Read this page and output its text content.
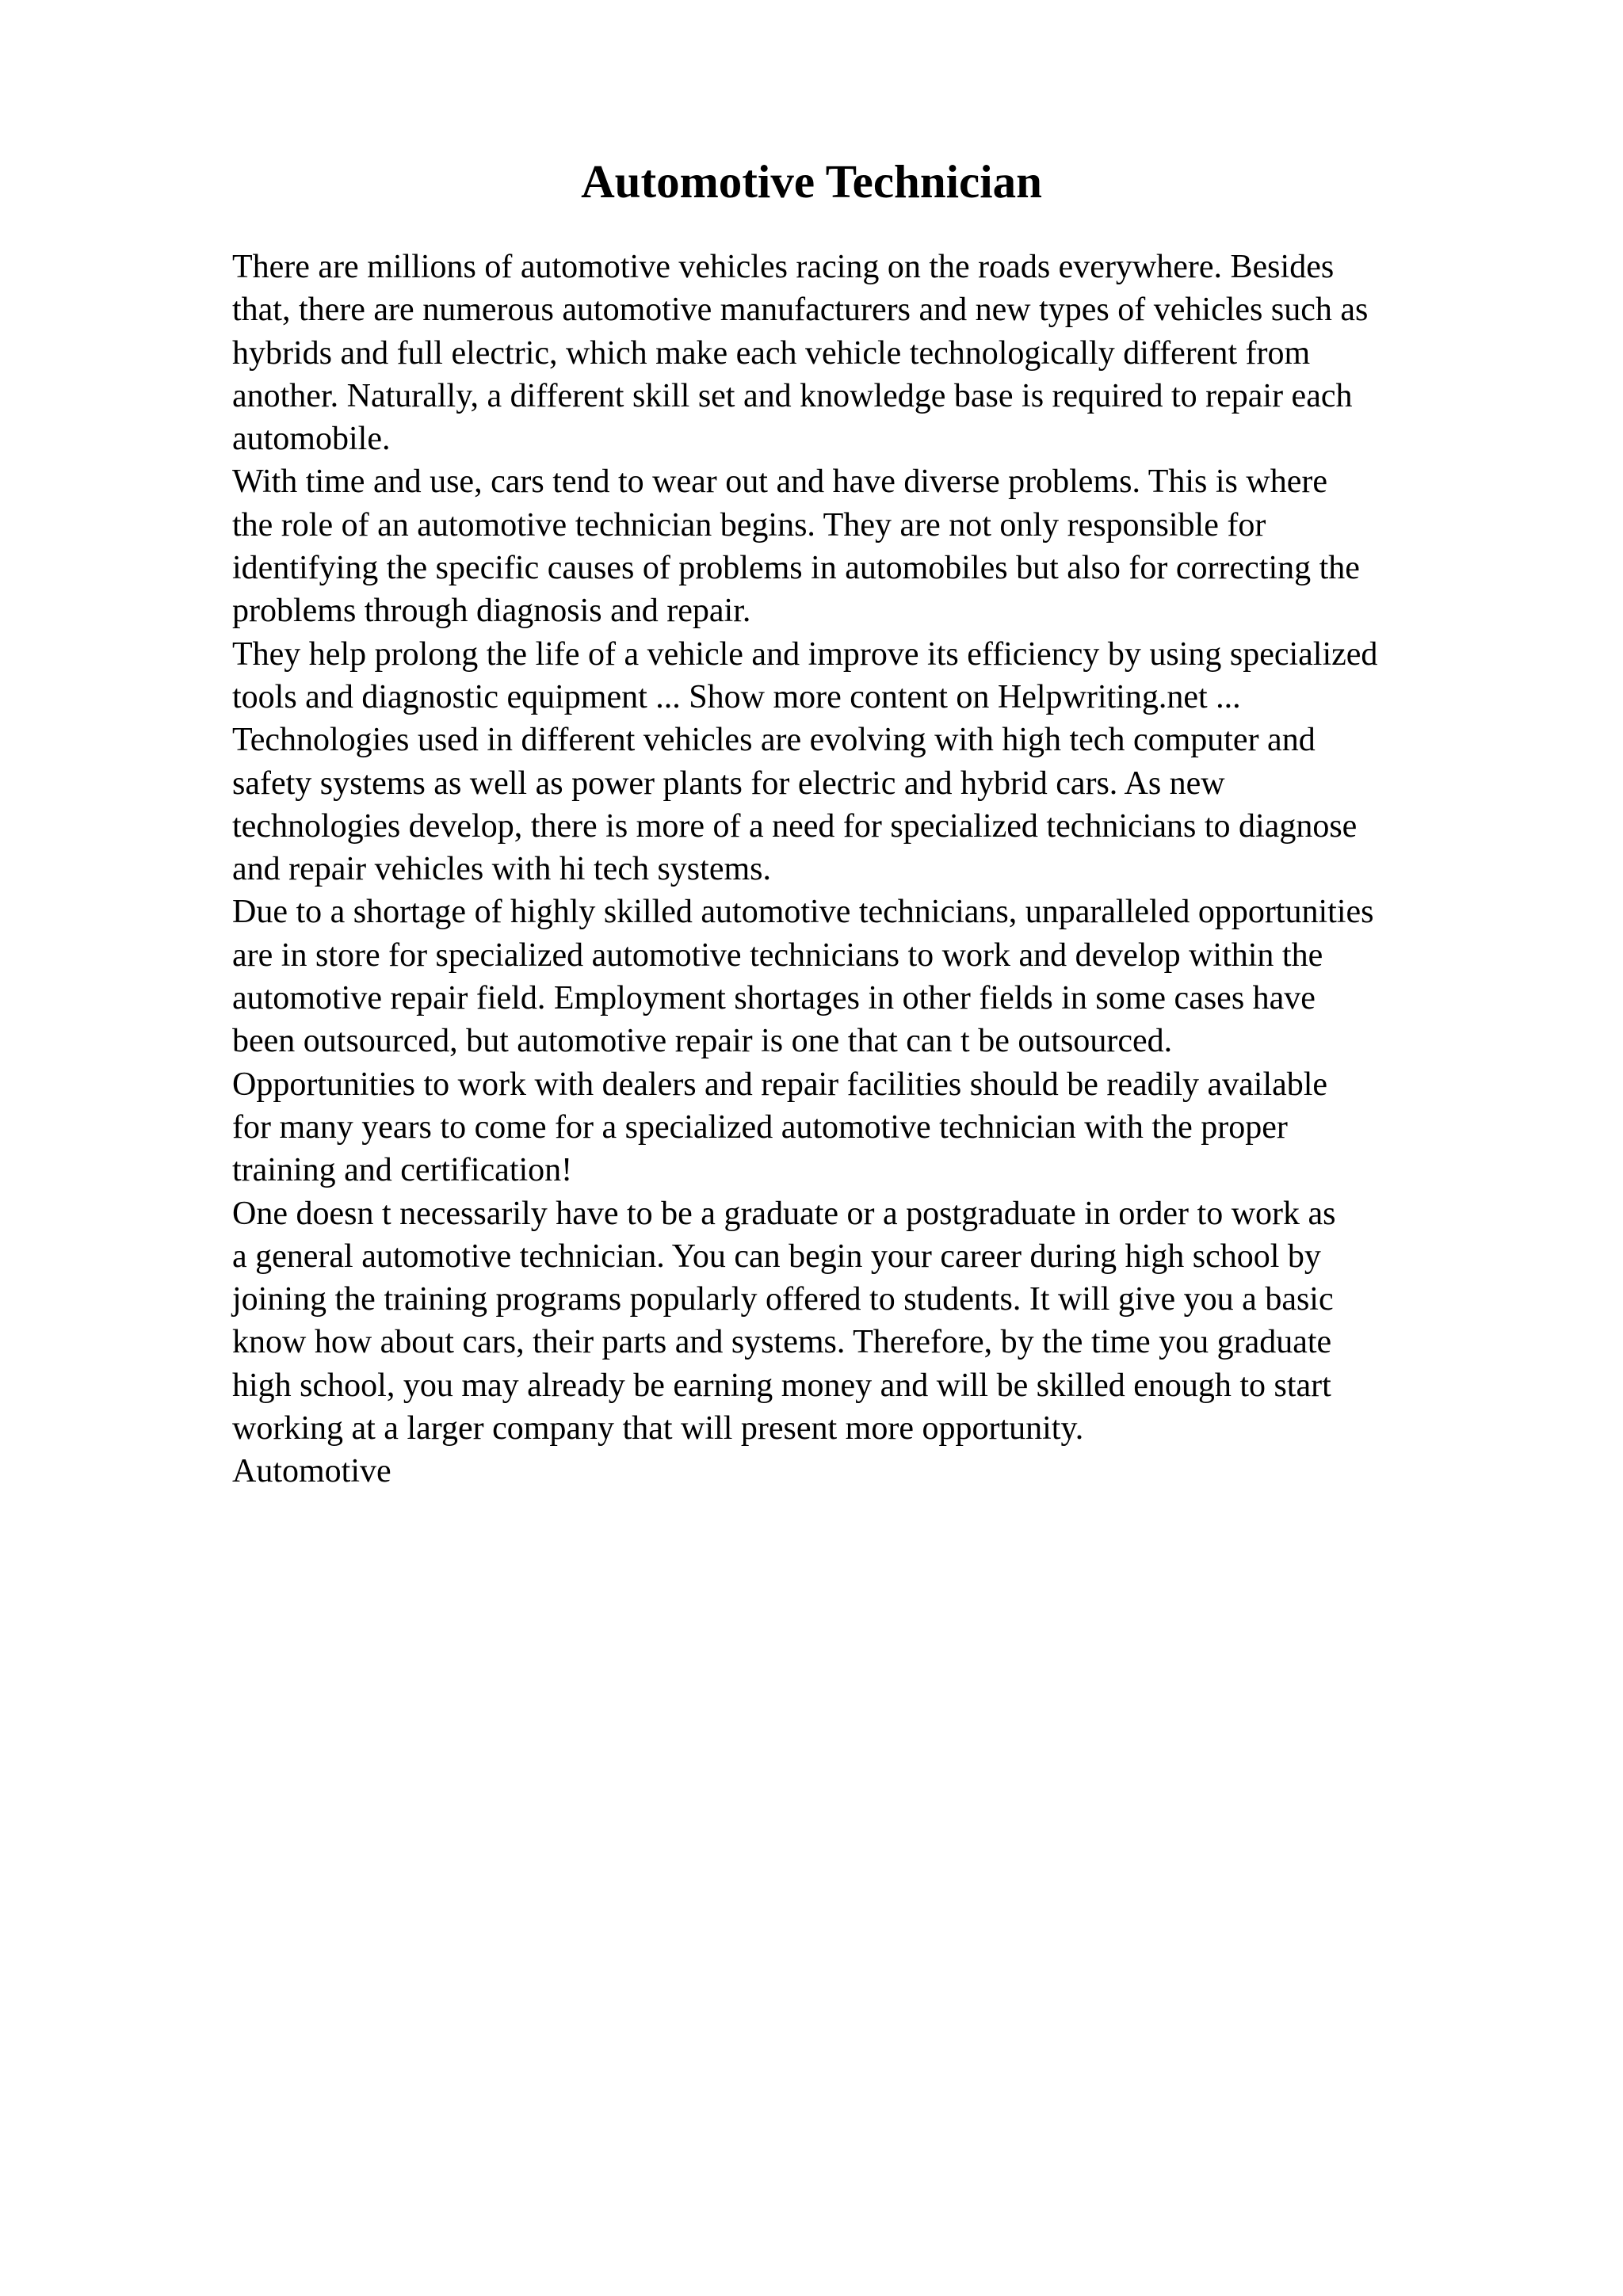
Automotive Technician
There are millions of automotive vehicles racing on the roads everywhere. Besides
that, there are numerous automotive manufacturers and new types of vehicles such as
hybrids and full electric, which make each vehicle technologically different from
another. Naturally, a different skill set and knowledge base is required to repair each
automobile.
With time and use, cars tend to wear out and have diverse problems. This is where
the role of an automotive technician begins. They are not only responsible for
identifying the specific causes of problems in automobiles but also for correcting the
problems through diagnosis and repair.
They help prolong the life of a vehicle and improve its efficiency by using specialized
tools and diagnostic equipment ... Show more content on Helpwriting.net ...
Technologies used in different vehicles are evolving with high tech computer and
safety systems as well as power plants for electric and hybrid cars. As new
technologies develop, there is more of a need for specialized technicians to diagnose
and repair vehicles with hi tech systems.
Due to a shortage of highly skilled automotive technicians, unparalleled opportunities
are in store for specialized automotive technicians to work and develop within the
automotive repair field. Employment shortages in other fields in some cases have
been outsourced, but automotive repair is one that can t be outsourced.
Opportunities to work with dealers and repair facilities should be readily available
for many years to come for a specialized automotive technician with the proper
training and certification!
One doesn t necessarily have to be a graduate or a postgraduate in order to work as
a general automotive technician. You can begin your career during high school by
joining the training programs popularly offered to students. It will give you a basic
know how about cars, their parts and systems. Therefore, by the time you graduate
high school, you may already be earning money and will be skilled enough to start
working at a larger company that will present more opportunity.
Automotive
